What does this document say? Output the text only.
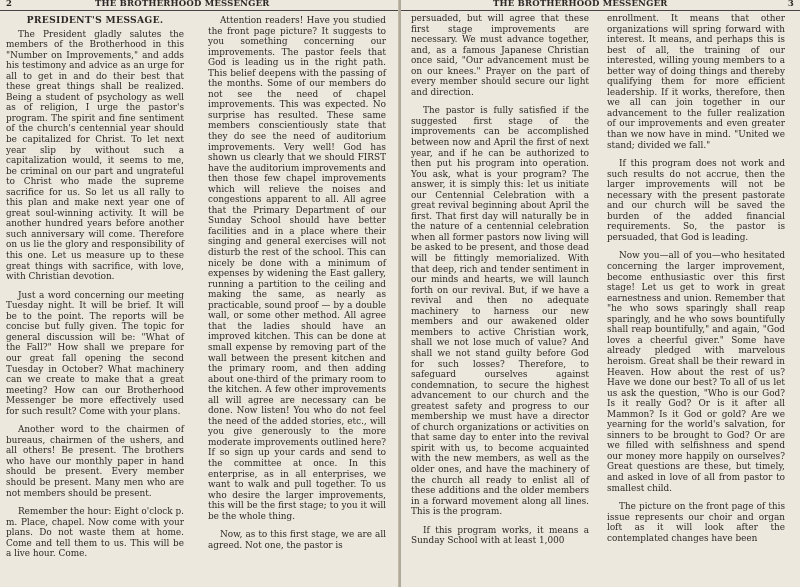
2	THE BROTHERHOOD MESSENGER
PRESIDENT'S MESSAGE.

The President gladly salutes the members of the Brotherhood in this "Number on Improvements," and adds his testimony and advice as an urge for all to get in and do their best that these great things shall be realized. Being a student of psychology as well as of religion, I urge the pastor's program. The spirit and fine sentiment of the church's centennial year should be capitalized for Christ. To let next year slip by without such a capitalization would, it seems to me, be criminal on our part and ungrateful to Christ who made the supreme sacrifice for us. So let us all rally to this plan and make next year one of great soul-winning activity. It will be another hundred years before another such anniversary will come. Therefore on us lie the glory and responsibility of this one. Let us measure up to these great things with sacrifice, with love, with Christian devotion.

Just a word concerning our meeting Tuesday night. It will be brief. It will be to the point. The reports will be concise but fully given. The topic for general discussion will be: "What of the Fall?" How shall we prepare for our great fall opening the second Tuesday in October? What machinery can we create to make that a great meeting? How can our Brotherhood Messenger be more effectively used for such result? Come with your plans.

Another word to the chairmen of bureaus, chairmen of the ushers, and all others! Be present. The brothers who have our monthly paper in hand should be present. Every member should be present. Many men who are not members should be present.

Remember the hour: Eight o'clock p. m. Place, chapel. Now come with your plans. Do not waste them at home. Come and tell them to us. This will be a live hour. Come.

Attention readers! Have you studied the front page picture? It suggests to you something concerning our improvements. The pastor feels that God is leading us in the right path. This belief deepens with the passing of the months. Some of our members do not see the need of chapel improvements. This was expected. No surprise has resulted. These same members conscientiously state that they do see the need of auditorium improvements. Very well! God has shown us clearly that we should FIRST have the auditorium improvements and then those few chapel improvements which will relieve the noises and congestions apparent to all. All agree that the Primary Department of our Sunday School should have better facilities and in a place where their singing and general exercises will not disturb the rest of the school. This can nicely be done with a minimum of expenses by widening the East gallery, running a partition to the ceiling and making the same, as nearly as practicable, sound proof — by a double wall, or some other method. All agree that the ladies should have an improved kitchen. This can be done at small expense by removing part of the wall between the present kitchen and the primary room, and then adding about one-third of the primary room to the kitchen. A few other improvements all will agree are necessary can be done. Now listen! You who do not feel the need of the added stories, etc., will you give generously to the more moderate improvements outlined here? If so sign up your cards and send to the committee at once. In this enterprise, as in all enterprises, we want to walk and pull together. To us who desire the larger improvements, this will be the first stage; to you it will be the whole thing.

Now, as to this first stage, we are all agreed. Not one, the pastor is

THE BROTHERHOOD MESSENGER	3

persuaded, but will agree that these first stage improvements are necessary. We must advance together, and, as a famous Japanese Christian once said, "Our advancement must be on our knees." Prayer on the part of every member should secure our light and direction.

The pastor is fully satisfied if the suggested first stage of the improvements can be accomplished between now and April the first of next year, and if he can be authorized to then put his program into operation. You ask, what is your program? The answer, it is simply this: let us initiate our Centennial Celebration with a great revival beginning about April the first. That first day will naturally be in the nature of a centennial celebration when all former pastors now living will be asked to be present, and those dead will be fittingly memorialized. With that deep, rich and tender sentiment in our minds and hearts, we will launch forth on our revival. But, if we have a revival and then no adequate machinery to harness our new members and our awakened older members to active Christian work, shall we not lose much of value? And shall we not stand guilty before God for such losses? Therefore, to safeguard ourselves against condemnation, to secure the highest advancement to our church and the greatest safety and progress to our membership we must have a director of church organizations or activities on that same day to enter into the revival spirit with us, to become acquainted with the new members, as well as the older ones, and have the machinery of the church all ready to enlist all of these additions and the older members in a forward movement along all lines. This is the program.

If this program works, it means a Sunday School with at least 1,000

enrollment. It means that other organizations will spring forward with interest. It means, and perhaps this is best of all, the training of our interested, willing young members to a better way of doing things and thereby qualifying them for more efficient leadership. If it works, therefore, then we all can join together in our advancement to the fuller realization of our improvements and even greater than we now have in mind. "United we stand; divided we fall."

If this program does not work and such results do not accrue, then the larger improvements will not be necessary with the present pastorate and our church will be saved the burden of the added financial requirements. So, the pastor is persuaded, that God is leading.

Now you—all of you—who hesitated concerning the larger improvement, become enthusiastic over this first stage! Let us get to work in great earnestness and union. Remember that "he who sows sparingly shall reap sparingly, and he who sows bountifully shall reap bountifully," and again, "God loves a cheerful giver." Some have already pledged with marvelous heroism. Great shall be their reward in Heaven. How about the rest of us? Have we done our best? To all of us let us ask the question, "Who is our God? Is it really God? Or is it after all Mammon? Is it God or gold? Are we yearning for the world's salvation, for sinners to be brought to God? Or are we filled with selfishness and spend our money more happily on ourselves? Great questions are these, but timely, and asked in love of all from pastor to smallest child.

The picture on the front page of this issue represents our choir and organ loft as it will look after the contemplated changes have been
